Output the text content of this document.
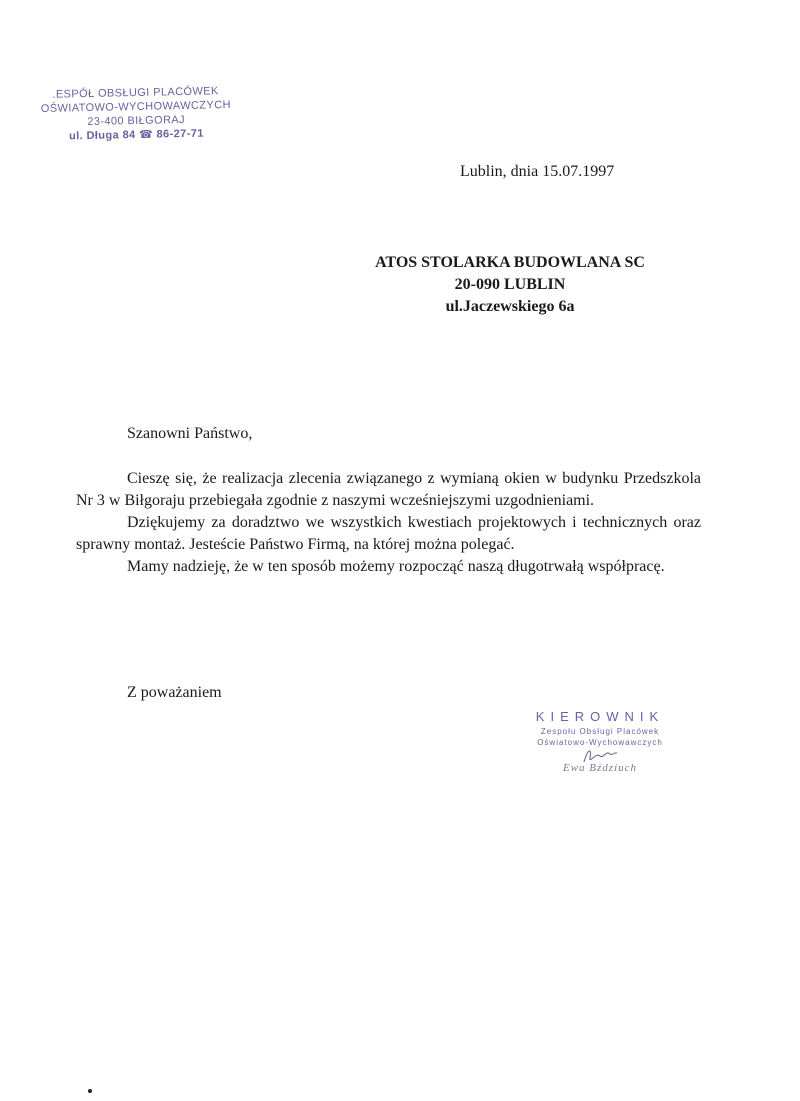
.ESPÓŁ OBSŁUGI PLACÓWEK
OŚWIATOWO-WYCHOWAWCZYCH
23-400 BIŁGORAJ
ul. Długa 84 ☎ 86-27-71
Lublin, dnia 15.07.1997
ATOS STOLARKA BUDOWLANA SC
20-090 LUBLIN
ul.Jaczewskiego 6a
Szanowni Państwo,

Cieszę się, że realizacja zlecenia związanego z wymianą okien w budynku Przedszkola Nr 3 w Biłgoraju przebiegała zgodnie z naszymi wcześniejszymi uzgodnieniami.

Dziękujemy za doradztwo we wszystkich kwestiach projektowych i technicznych oraz sprawny montaż. Jesteście Państwo Firmą, na której można polegać.

Mamy nadzieję, że w ten sposób możemy rozpocząć naszą długotrwałą współpracę.

Z poważaniem
KIEROWNIK
Zespołu Obsługi Placówek
Oświatowo-Wychowawczych
Ewa Bździuch
